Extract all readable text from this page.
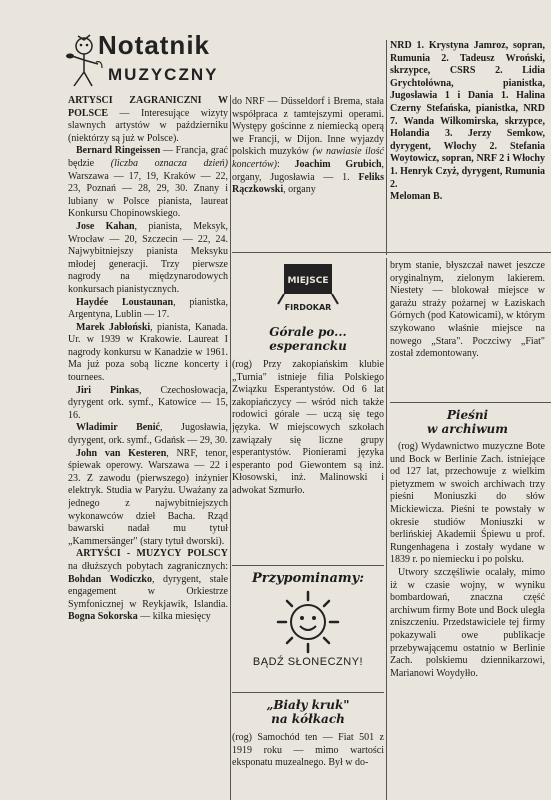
Notatnik
MUZYCZNY

ARTYŚCI ZAGRANICZNI W POLSCE — Interesujące wizyty slawnych artystów w październiku (niektórzy są już w Polsce).

Bernard Ringeissen — Francja, grać będzie (liczba oznacza dzień) Warszawa — 17, 19, Kraków — 22, 23, Poznań — 28, 29, 30. Znany i lubiany w Polsce pianista, laureat Konkursu Chopinowskiego.

Jose Kahan, pianista, Meksyk, Wrocław — 20, Szczecin — 22, 24. Najwybitniejszy pianista Meksyku młodej generacji. Trzy pierwsze nagrody na międzynarodowych konkursach pianistycznych.

Haydée Loustaunan, pianistka, Argentyna, Lublin — 17.

Marek Jabłoński, pianista, Kanada. Ur. w 1939 w Krakowie. Laureat I nagrody konkursu w Kanadzie w 1961. Ma już poza sobą liczne koncerty i tournees.

Jiri Pinkas, Czechosłowacja, dyrygent ork. symf., Katowice — 15, 16.

Wladimir Benić, Jugosławia, dyrygent, ork. symf., Gdańsk — 29, 30.

John van Kesteren, NRF, tenor, śpiewak operowy. Warszawa — 22 i 23. Z zawodu (pierwszego) inżynier elektryk. Studia w Paryżu. Uważany za jednego z najwybitniejszych wykonawców dzieł Bacha. Rząd bawarski nadał mu tytuł „Kammersänger" (stary tytuł dworski).

ARTYŚCI - MUZYCY POLSCY na dłuższych pobytach zagranicznych: Bohdan Wodiczko, dyrygent, stałe engagement w Orkiestrze Symfonicznej w Reykjawik, Islandia. Bogna Sokorska — kilka miesięcy

do NRF — Düsseldorf i Brema, stała współpraca z tamtejszymi operami. Występy gościnne z niemiecką operą we Francji, w Dijon. Inne wyjazdy polskich muzyków (w nawiasie ilość koncertów): Joachim Grubich, organy, Jugosławia — 1. Feliks Rączkowski, organy

NRD 1. Krystyna Jamroz, sopran, Rumunia 2. Tadeusz Wroński, skrzypce, CSRS 2. Lidia Grychtołówna, pianistka, Jugosławia 1 i Dania 1. Halina Czerny Stefańska, pianistka, NRD 7. Wanda Wiłkomirska, skrzypce, Holandia 3. Jerzy Semkow, dyrygent, Włochy 2. Stefania Woytowicz, sopran, NRF 2 i Włochy 1. Henryk Czyż, dyrygent, Rumunia 2.

Meloman B.

MIEJSCE
FIRDOKAR
Górale po...
esperancku

(rog) Przy zakopiańskim klubie „Turnia" istnieje filia Polskiego Związku Esperantystów. Od 6 lat zakopiańczycy — wśród nich także rodowici górale — uczą się tego języka. W miejscowych szkołach zawiązały się liczne grupy esperantystów. Pionierami języka esperanto pod Giewontem są inż. Kłosowski, inż. Malinowski i adwokat Szmurło.

Przypominamy:
BĄDŹ SŁONECZNY!
„Biały kruk"
na kółkach

(rog) Samochód ten — Fiat 501 z 1919 roku — mimo wartości eksponatu muzealnego. Był w do-

brym stanie, błyszczał nawet jeszcze oryginalnym, zielonym lakierem. Niestety — blokował miejsce w garażu straży pożarnej w Łaziskach Górnych (pod Katowicami), w którym szykowano właśnie miejsce na nowego „Stara". Poczciwy „Fiat" został zdemontowany.

Pieśni
w archiwum

(rog) Wydawnictwo muzyczne Bote und Bock w Berlinie Zach. istniejące od 127 lat, przechowuje z wielkim pietyzmem w swoich archiwach trzy pieśni Moniuszki do słów Mickiewicza. Pieśni te powstały w okresie studiów Moniuszki w berlińskiej Akademii Śpiewu u prof. Rungenhagena i zostały wydane w 1839 r. po niemiecku i po polsku.

Utwory szczęśliwie ocalały, mimo iż w czasie wojny, w wyniku bombardowań, znaczna część archiwum firmy Bote und Bock uległa zniszczeniu. Przedstawiciele tej firmy pokazywali owe publikacje przebywającemu ostatnio w Berlinie Zach. polskiemu dziennikarzowi, Marianowi Woydyłło.
